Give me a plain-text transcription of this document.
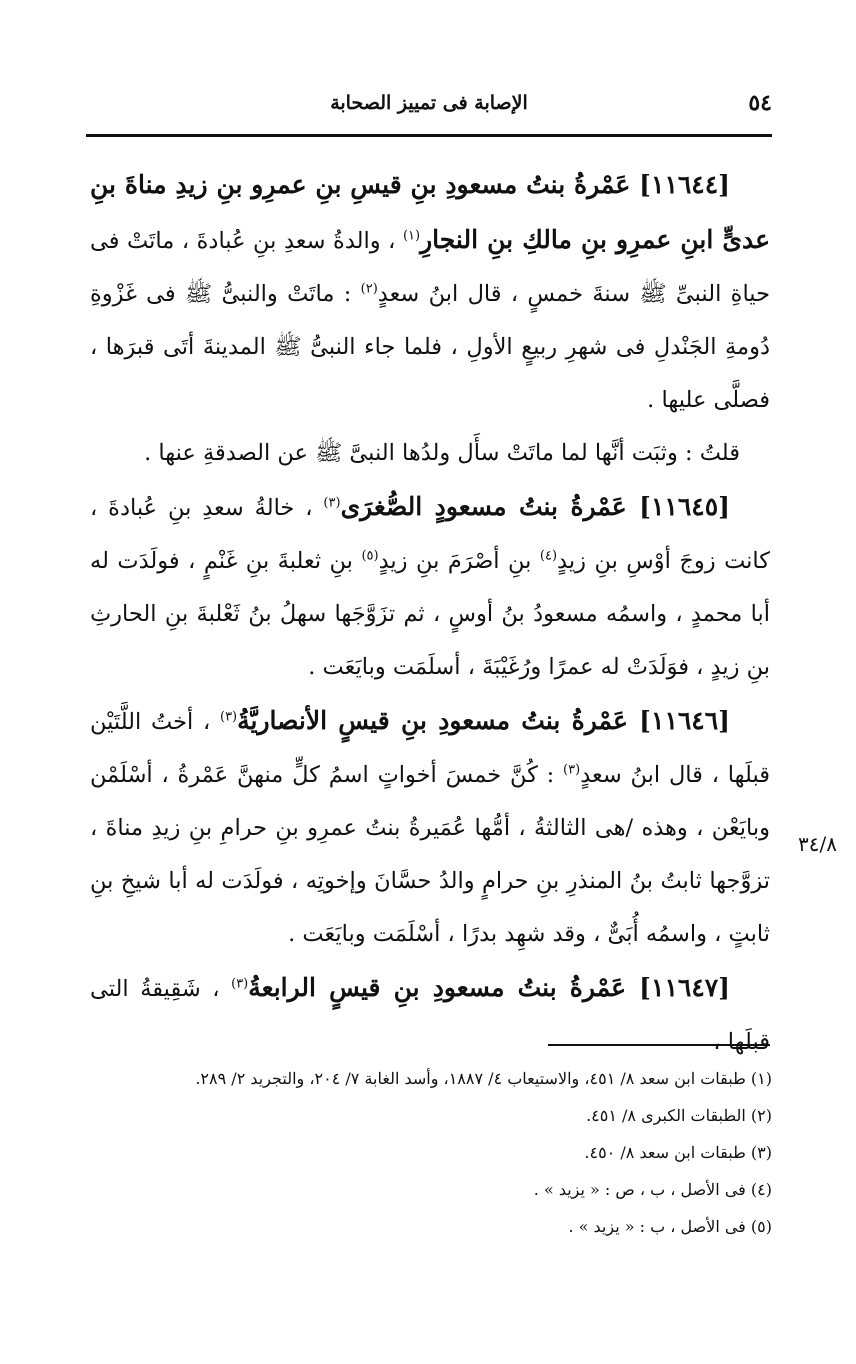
٥٤
الإصابة فى تمييز الصحابة

[١١٦٤٤] عَمْرةُ بنتُ مسعودِ بنِ قيسِ بنِ عمرِو بنِ زيدِ مناةَ بنِ عدىٍّ ابنِ عمرِو بنِ مالكِ بنِ النجارِ$^{(١)}$ ، والدةُ سعدِ بنِ عُبادةَ ، ماتَتْ فى حياةِ النبىِّ ﷺ سنةَ خمسٍ ، قال ابنُ سعدٍ$^{(٢)}$ : ماتَتْ والنبىُّ ﷺ فى غَزْوةِ دُومةِ الجَنْدلِ فى شهرِ ربيعٍ الأولِ ، فلما جاء النبىُّ ﷺ المدينةَ أتَى قبرَها ، فصلَّى عليها .

قلتُ : وثبَت أنَّها لما ماتَتْ سأَل ولدُها النبىَّ ﷺ عن الصدقةِ عنها .

[١١٦٤٥] عَمْرةُ بنتُ مسعودٍ الصُّغرَى$^{(٣)}$ ، خالةُ سعدِ بنِ عُبادةَ ، كانت زوجَ أوْسِ بنِ زيدٍ$^{(٤)}$ بنِ أصْرَمَ بنِ زيدٍ$^{(٥)}$ بنِ ثعلبةَ بنِ غَنْمٍ ، فولَدَت له أبا محمدٍ ، واسمُه مسعودُ بنُ أوسٍ ، ثم تزَوَّجَها سهلُ بنُ ثَعْلبةَ بنِ الحارثِ بنِ زيدٍ ، فوَلَدَتْ له عمرًا ورُغَيْبَةَ ، أسلَمَت وبايَعَت .

[١١٦٤٦] عَمْرةُ بنتُ مسعودِ بنِ قيسٍ الأنصاريَّةُ$^{(٣)}$ ، أختُ اللَّتَيْن قبلَها ، قال ابنُ سعدٍ$^{(٣)}$ : كُنَّ خمسَ أخواتٍ اسمُ كلٍّ منهنَّ عَمْرةُ ، أسْلَمْن وبايَعْن ، وهذه /هى الثالثةُ ، أمُّها عُمَيرةُ بنتُ عمرِو بنِ حرامِ بنِ زيدِ مناةَ ، تزوَّجها ثابتُ بنُ المنذرِ بنِ حرامٍ والدُ حسَّانَ وإخوتِه ، فولَدَت له أبا شيخِ بنِ ثابتٍ ، واسمُه أُبَىٌّ ، وقد شهِد بدرًا ، أسْلَمَت وبايَعَت .

[١١٦٤٧] عَمْرةُ بنتُ مسعودِ بنِ قيسٍ الرابعةُ$^{(٣)}$ ، شَقِيقةُ التى قبلَها ،

٣٤/٨

(١) طبقات ابن سعد ٨/ ٤٥١، والاستيعاب ٤/ ١٨٨٧، وأسد الغابة ٧/ ٢٠٤، والتجريد ٢/ ٢٨٩.

(٢) الطبقات الكبرى ٨/ ٤٥١.

(٣) طبقات ابن سعد ٨/ ٤٥٠.

(٤) فى الأصل ، ب ، ص : « يزيد » .

(٥) فى الأصل ، ب : « يزيد » .
